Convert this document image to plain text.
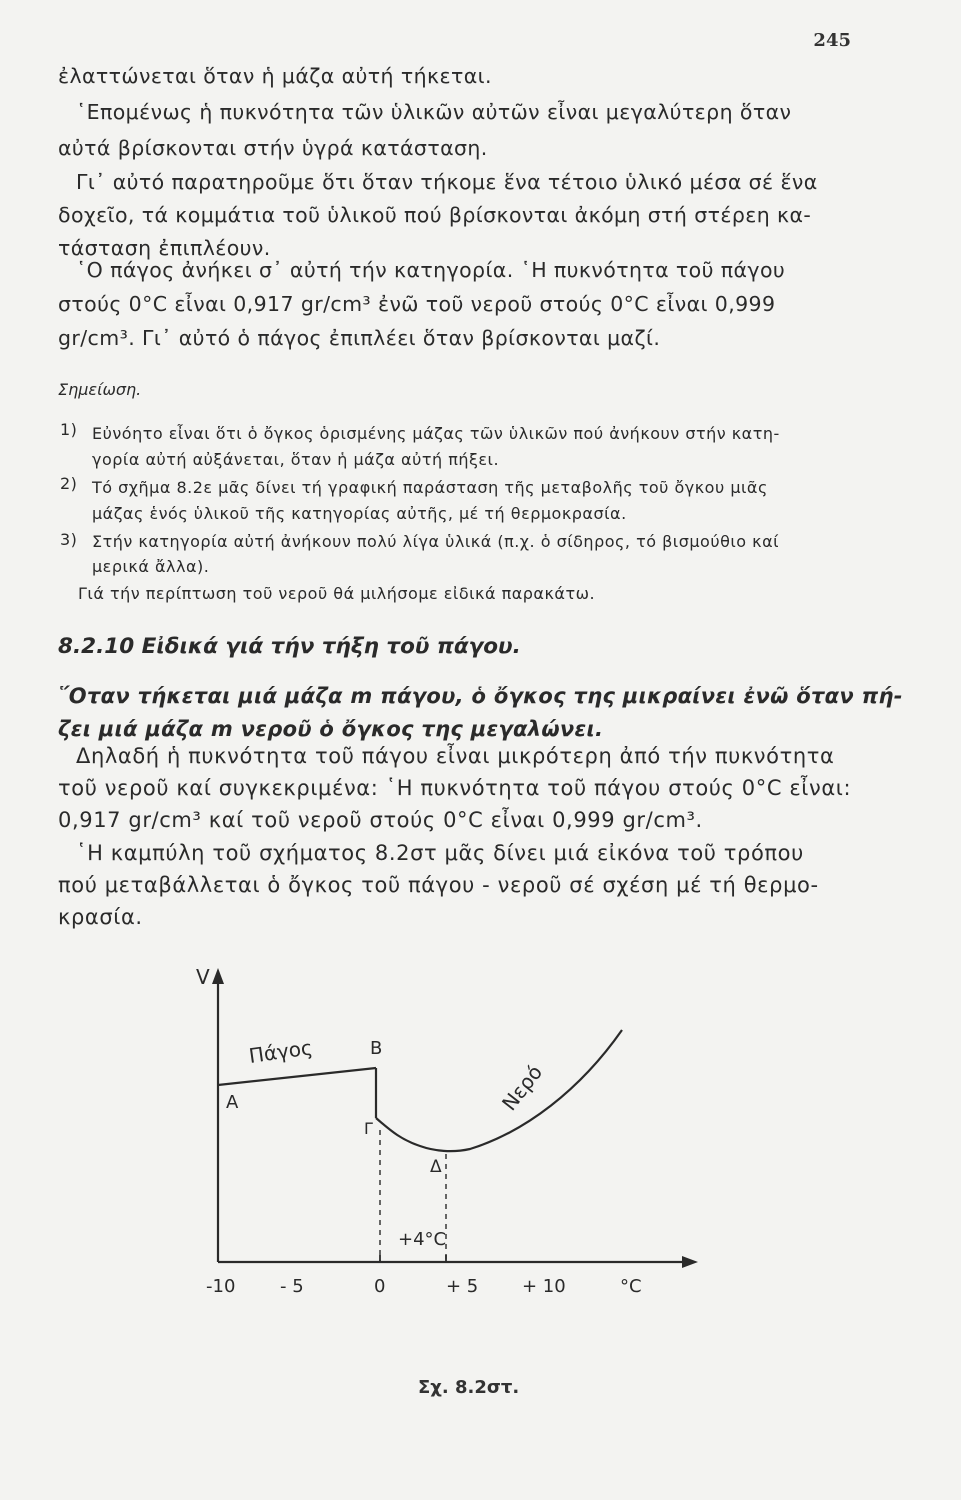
245
ἐλαττώνεται ὅταν ἡ μάζα αὐτή τήκεται.
῾Επομένως ἡ πυκνότητα τῶν ὑλικῶν αὐτῶν εἶναι μεγαλύτερη ὅταν
αὐτά βρίσκονται στήν ὑγρά κατάσταση.
Γι᾽ αὐτό παρατηροῦμε ὅτι ὅταν τήκομε ἕνα τέτοιο ὑλικό μέσα σέ ἕνα
δοχεῖο, τά κομμάτια τοῦ ὑλικοῦ πού βρίσκονται ἀκόμη στή στέρεη κα-
τάσταση ἐπιπλέουν.
῾Ο πάγος ἀνήκει σ᾽ αὐτή τήν κατηγορία. ῾Η πυκνότητα τοῦ πάγου
στούς 0°C εἶναι 0,917 gr/cm³ ἐνῶ τοῦ νεροῦ στούς 0°C εἶναι 0,999
gr/cm³. Γι᾽ αὐτό ὁ πάγος ἐπιπλέει ὅταν βρίσκονται μαζί.
Σημείωση.
1) Εὐνόητο εἶναι ὅτι ὁ ὄγκος ὁρισμένης μάζας τῶν ὑλικῶν πού ἀνήκουν στήν κατη-
γορία αὐτή αὐξάνεται, ὅταν ἡ μάζα αὐτή πήξει.
2) Τό σχῆμα 8.2ε μᾶς δίνει τή γραφική παράσταση τῆς μεταβολῆς τοῦ ὄγκου μιᾶς
μάζας ἑνός ὑλικοῦ τῆς κατηγορίας αὐτῆς, μέ τή θερμοκρασία.
3) Στήν κατηγορία αὐτή ἀνήκουν πολύ λίγα ὑλικά (π.χ. ὁ σίδηρος, τό βισμούθιο καί
μερικά ἄλλα).
Γιά τήν περίπτωση τοῦ νεροῦ θά μιλήσομε εἰδικά παρακάτω.
8.2.10 Εἰδικά γιά τήν τήξη τοῦ πάγου.
῞Οταν τήκεται μιά μάζα m πάγου, ὁ ὄγκος της μικραίνει ἐνῶ ὅταν πή-
ζει μιά μάζα m νεροῦ ὁ ὄγκος της μεγαλώνει.
Δηλαδή ἡ πυκνότητα τοῦ πάγου εἶναι μικρότερη ἀπό τήν πυκνότητα
τοῦ νεροῦ καί συγκεκριμένα: ῾Η πυκνότητα τοῦ πάγου στούς 0°C εἶναι:
0,917 gr/cm³ καί τοῦ νεροῦ στούς 0°C εἶναι 0,999 gr/cm³.
῾Η καμπύλη τοῦ σχήματος 8.2στ μᾶς δίνει μιά εἰκόνα τοῦ τρόπου
πού μεταβάλλεται ὁ ὄγκος τοῦ πάγου - νεροῦ σέ σχέση μέ τή θερμο-
κρασία.
V
A
B
Γ
Δ
Πάγος
Νερό
+4°C
-10 - 5	0	+ 5 + 10	°C
Σχ. 8.2στ.
